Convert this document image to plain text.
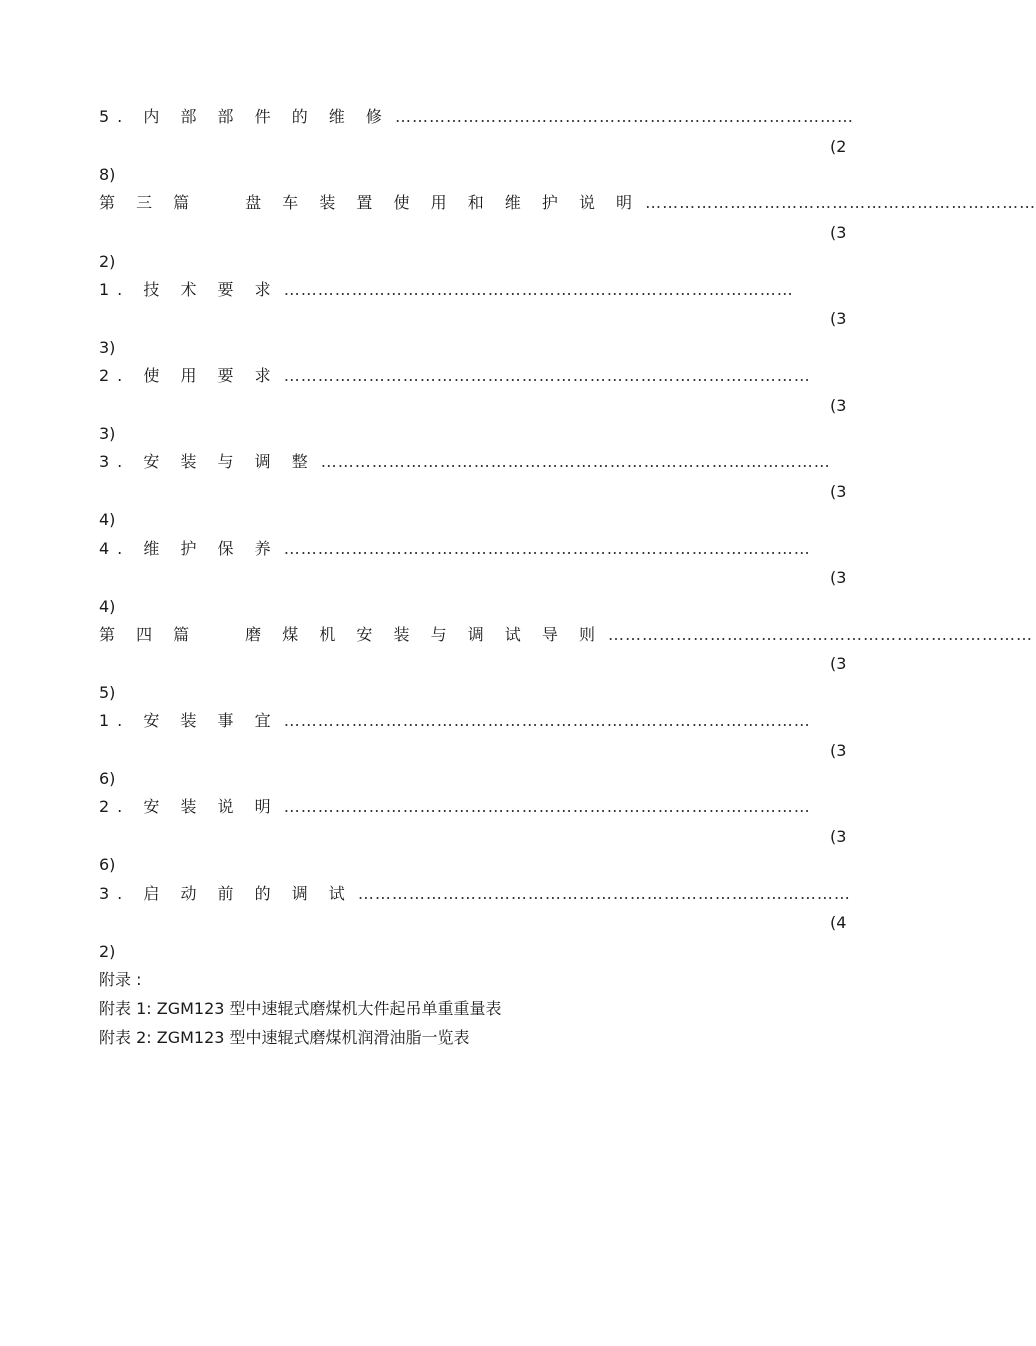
5. 内 部 部 件 的 维 修 ………………………………………………………………………
(2
8)
第 三 篇　　盘 车 装 置 使 用 和 维 护 说 明 ……………………………………………………………
(3
2)
1. 技 术 要 求 ………………………………………………………………………………
(3
3)
2. 使 用 要 求 …………………………………………………………………………………
(3
3)
3. 安 装 与 调 整 ………………………………………………………………………………
(3
4)
4. 维 护 保 养 …………………………………………………………………………………
(3
4)
第 四 篇　　磨 煤 机 安 装 与 调 试 导 则 …………………………………………………………………
(3
5)
1. 安 装 事 宜 …………………………………………………………………………………
(3
6)
2. 安 装 说 明 …………………………………………………………………………………
(3
6)
3. 启 动 前 的 调 试 ……………………………………………………………………………
(4
2)
附录 :
附表 1: ZGM123 型中速辊式磨煤机大件起吊单重重量表
附表 2: ZGM123 型中速辊式磨煤机润滑油脂一览表
